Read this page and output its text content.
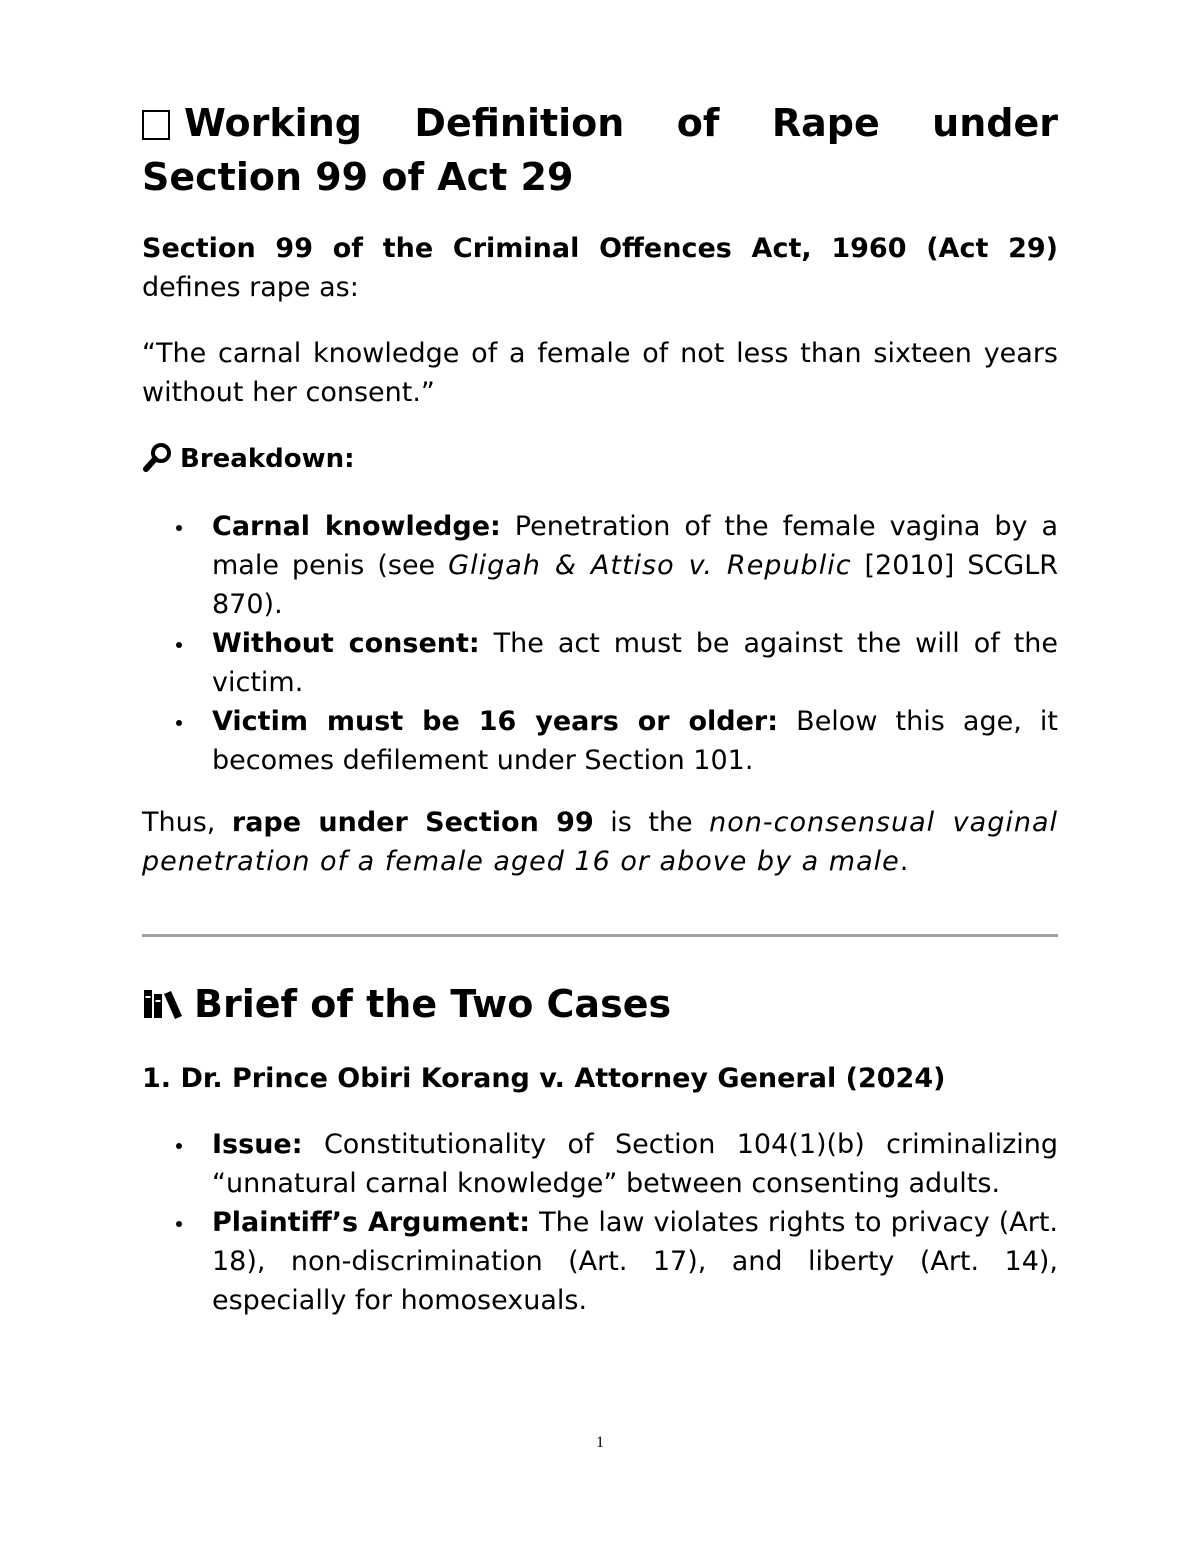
Working Definition of Rape under Section 99 of Act 29

Section 99 of the Criminal Offences Act, 1960 (Act 29) defines rape as:

“The carnal knowledge of a female of not less than sixteen years without her consent.”

Breakdown:
Carnal knowledge: Penetration of the female vagina by a male penis (see Gligah & Attiso v. Republic [2010] SCGLR 870).
Without consent: The act must be against the will of the victim.
Victim must be 16 years or older: Below this age, it becomes defilement under Section 101.

Thus, rape under Section 99 is the non-consensual vaginal penetration of a female aged 16 or above by a male.

Brief of the Two Cases
1. Dr. Prince Obiri Korang v. Attorney General (2024)
Issue: Constitutionality of Section 104(1)(b) criminalizing “unnatural carnal knowledge” between consenting adults.
Plaintiff’s Argument: The law violates rights to privacy (Art. 18), non-discrimination (Art. 17), and liberty (Art. 14), especially for homosexuals.
1
